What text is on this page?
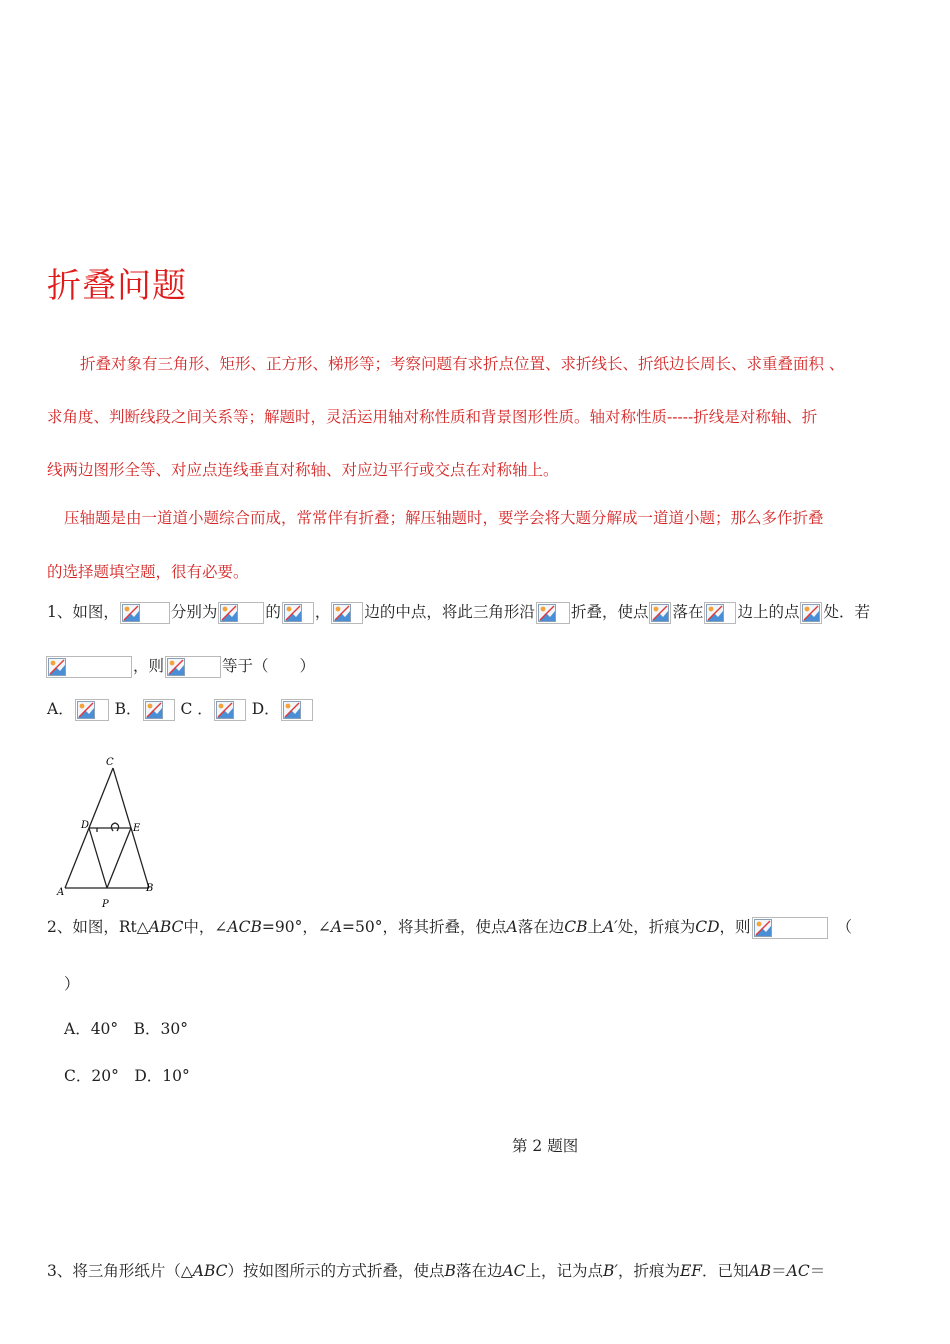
折叠问题
折叠对象有三角形、矩形、正方形、梯形等；考察问题有求折点位置、求折线长、折纸边长周长、求重叠面积 、
求角度、判断线段之间关系等；解题时，灵活运用轴对称性质和背景图形性质。轴对称性质-----折线是对称轴、折
线两边图形全等、对应点连线垂直对称轴、对应边平行或交点在对称轴上。
压轴题是由一道道小题综合而成，常常伴有折叠；解压轴题时，要学会将大题分解成一道道小题；那么多作折叠
的选择题填空题，很有必要。
1、如图，	分别为	的 ， 边的中点，将此三角形沿 折叠，使点 落在 边上的点 处．若
，则	等于（　　）
A．	B．	C ．	D．
C
D	E
A	B
P
2、如图，Rt△ABC中，∠ACB=90°，∠A=50°，将其折叠，使点A落在边CB上A′处，折痕为CD，则	（
）
A．40°　B．30°
C．20°　D．10°
第 2 题图
3、将三角形纸片（△ABC）按如图所示的方式折叠，使点B落在边AC上，记为点B′，折痕为EF．已知AB＝AC＝
